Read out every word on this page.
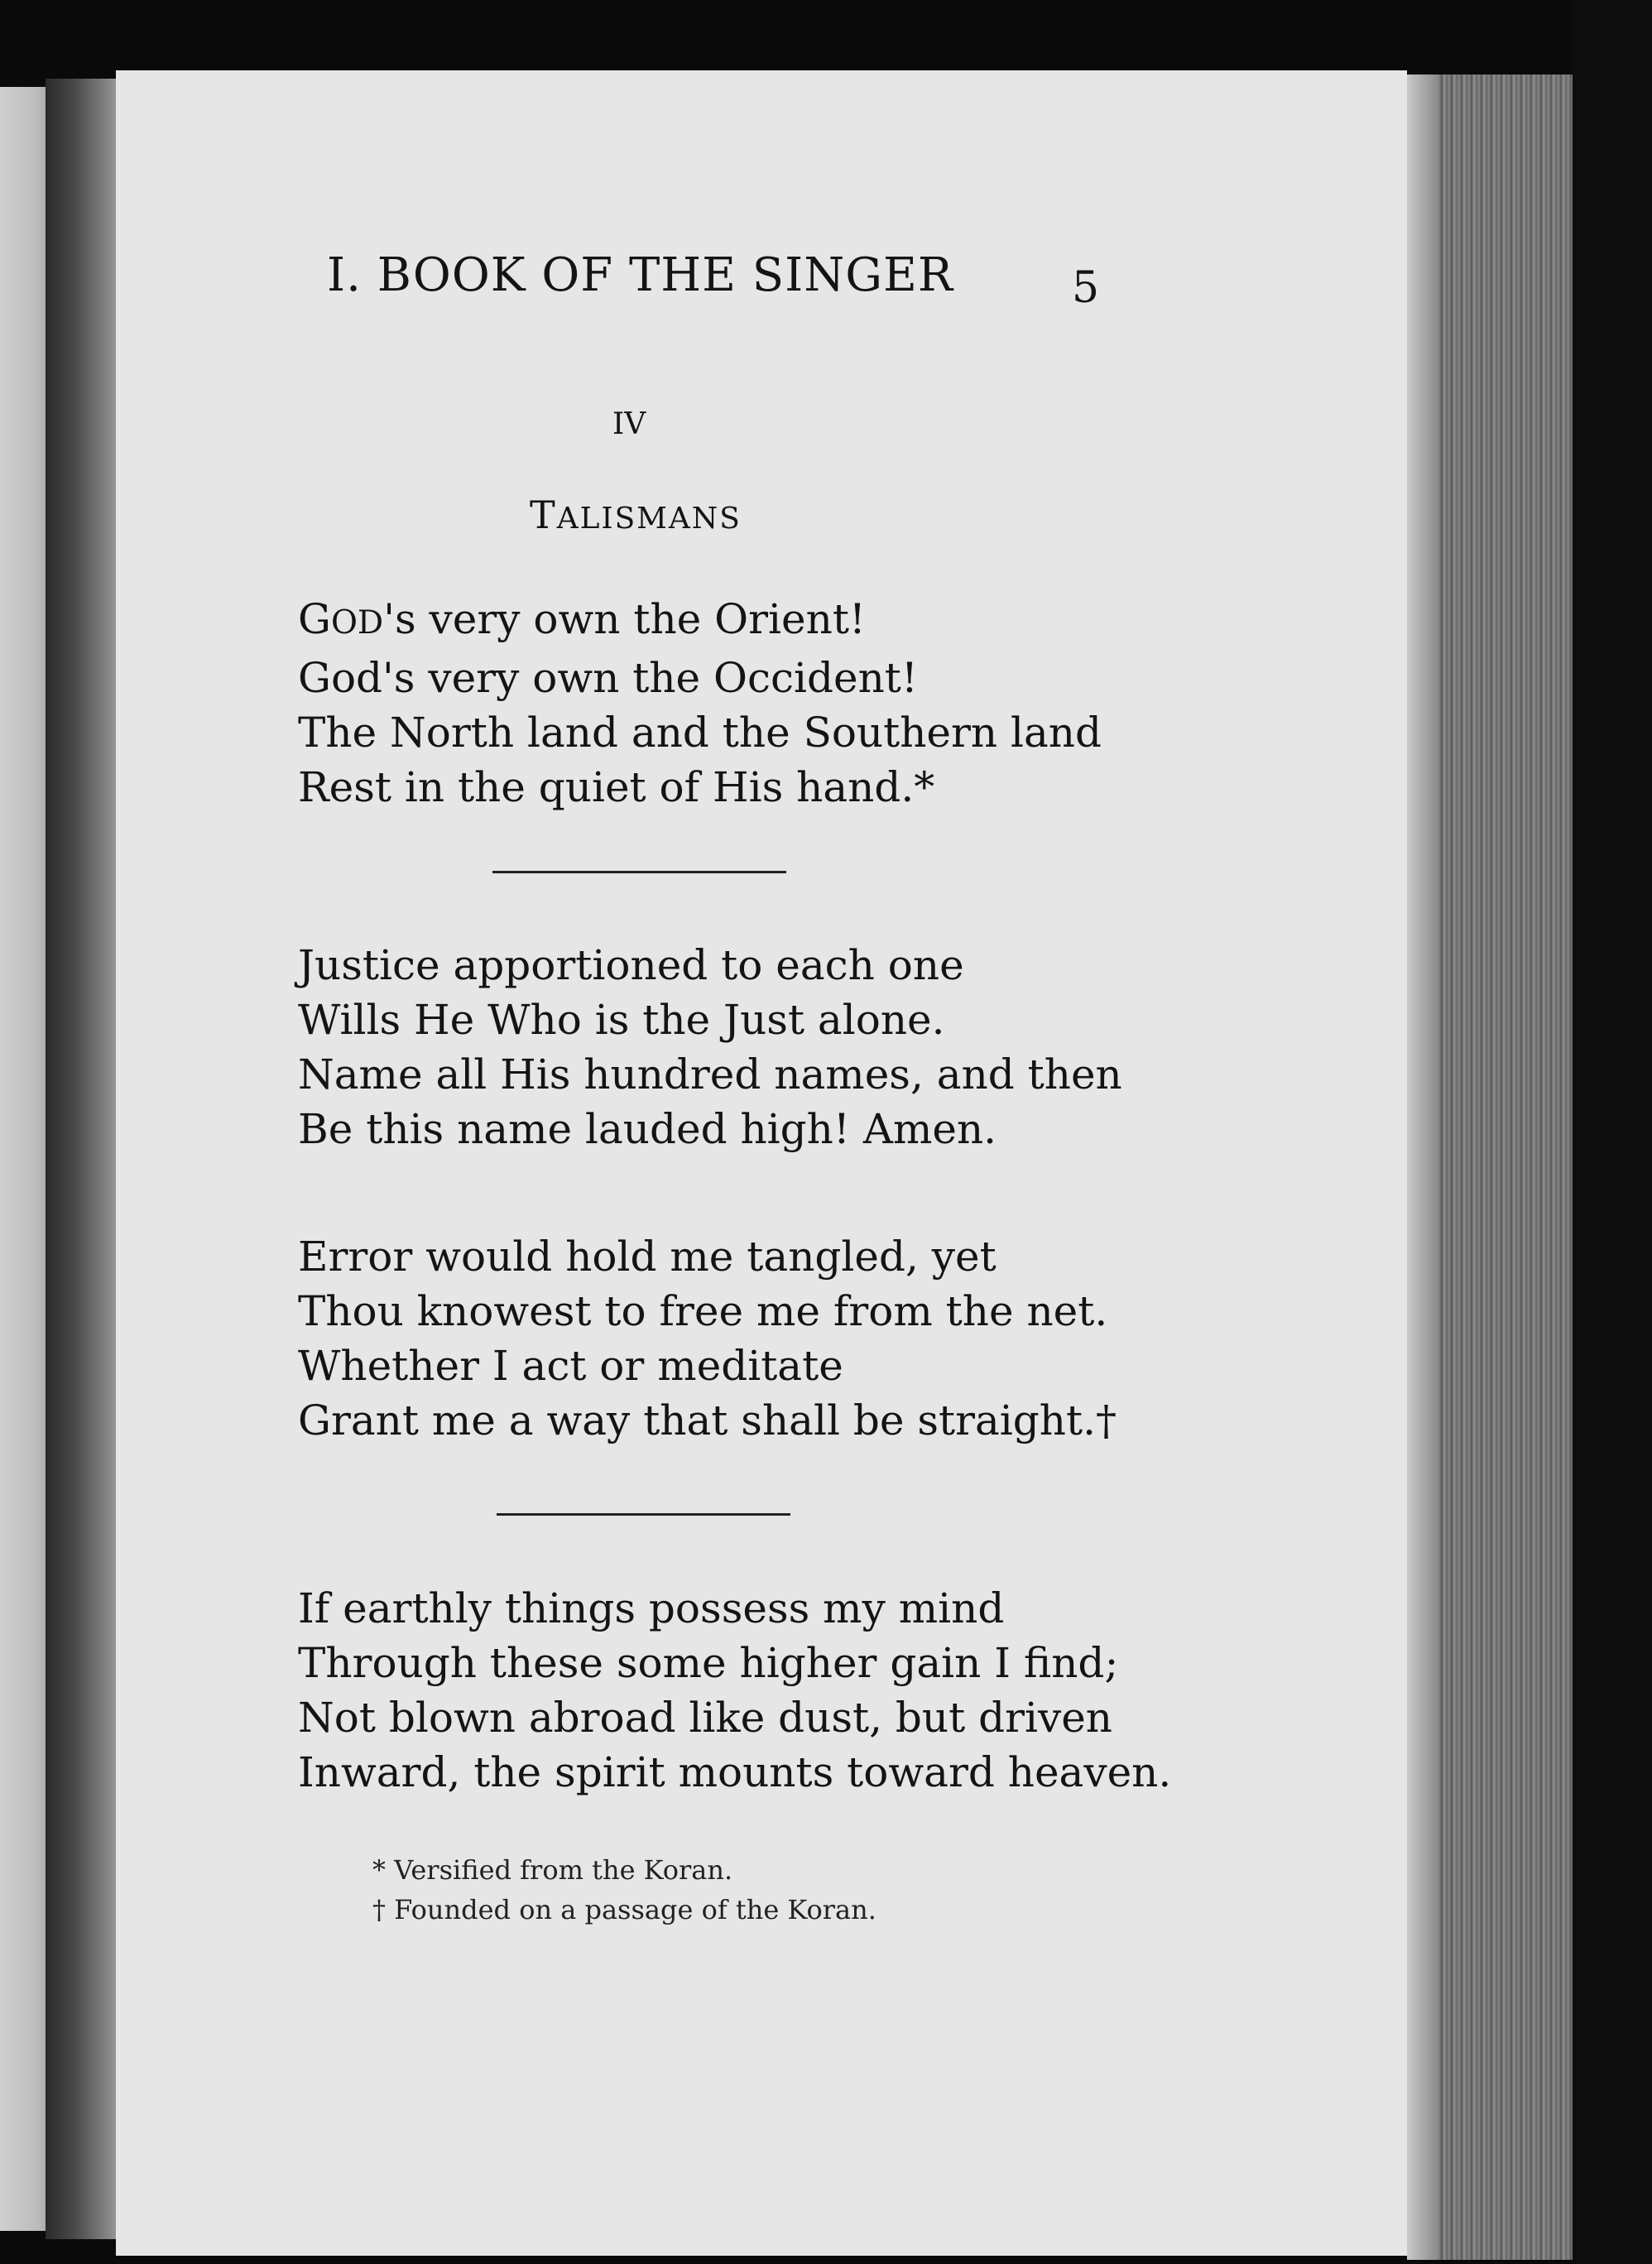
I. BOOK OF THE SINGER	5
IV
TALISMANS
GOD's very own the Orient!
God's very own the Occident!
The North land and the Southern land
Rest in the quiet of His hand.*
Justice apportioned to each one
Wills He Who is the Just alone.
Name all His hundred names, and then
Be this name lauded high! Amen.
Error would hold me tangled, yet
Thou knowest to free me from the net.
Whether I act or meditate
Grant me a way that shall be straight.†
If earthly things possess my mind
Through these some higher gain I find;
Not blown abroad like dust, but driven
Inward, the spirit mounts toward heaven.
* Versified from the Koran.
† Founded on a passage of the Koran.
